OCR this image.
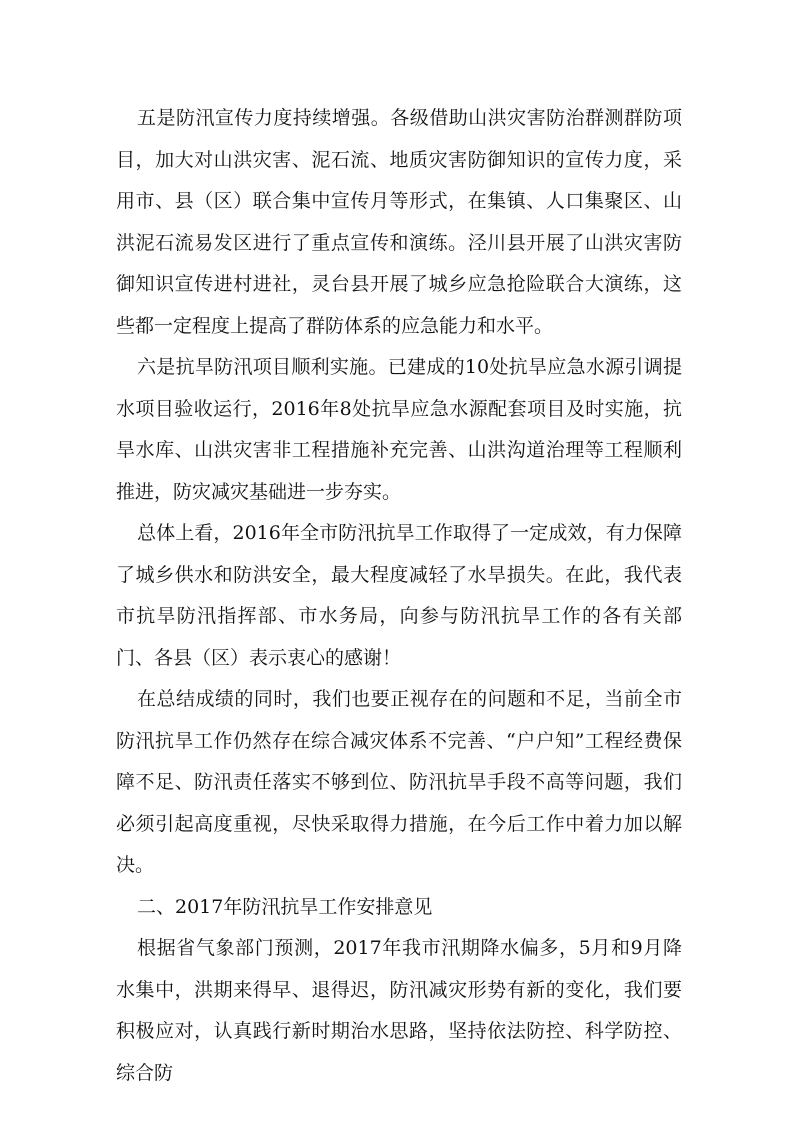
五是防汛宣传力度持续增强。各级借助山洪灾害防治群测群防项目，加大对山洪灾害、泥石流、地质灾害防御知识的宣传力度，采用市、县（区）联合集中宣传月等形式，在集镇、人口集聚区、山洪泥石流易发区进行了重点宣传和演练。泾川县开展了山洪灾害防御知识宣传进村进社，灵台县开展了城乡应急抢险联合大演练，这些都一定程度上提高了群防体系的应急能力和水平。

六是抗旱防汛项目顺利实施。已建成的10处抗旱应急水源引调提水项目验收运行，2016年8处抗旱应急水源配套项目及时实施，抗旱水库、山洪灾害非工程措施补充完善、山洪沟道治理等工程顺利推进，防灾减灾基础进一步夯实。

总体上看，2016年全市防汛抗旱工作取得了一定成效，有力保障了城乡供水和防洪安全，最大程度减轻了水旱损失。在此，我代表市抗旱防汛指挥部、市水务局，向参与防汛抗旱工作的各有关部门、各县（区）表示衷心的感谢！

在总结成绩的同时，我们也要正视存在的问题和不足，当前全市防汛抗旱工作仍然存在综合减灾体系不完善、“户户知”工程经费保障不足、防汛责任落实不够到位、防汛抗旱手段不高等问题，我们必须引起高度重视，尽快采取得力措施，在今后工作中着力加以解决。

二、2017年防汛抗旱工作安排意见

根据省气象部门预测，2017年我市汛期降水偏多，5月和9月降水集中，洪期来得早、退得迟，防汛减灾形势有新的变化，我们要积极应对，认真践行新时期治水思路，坚持依法防控、科学防控、综合防
